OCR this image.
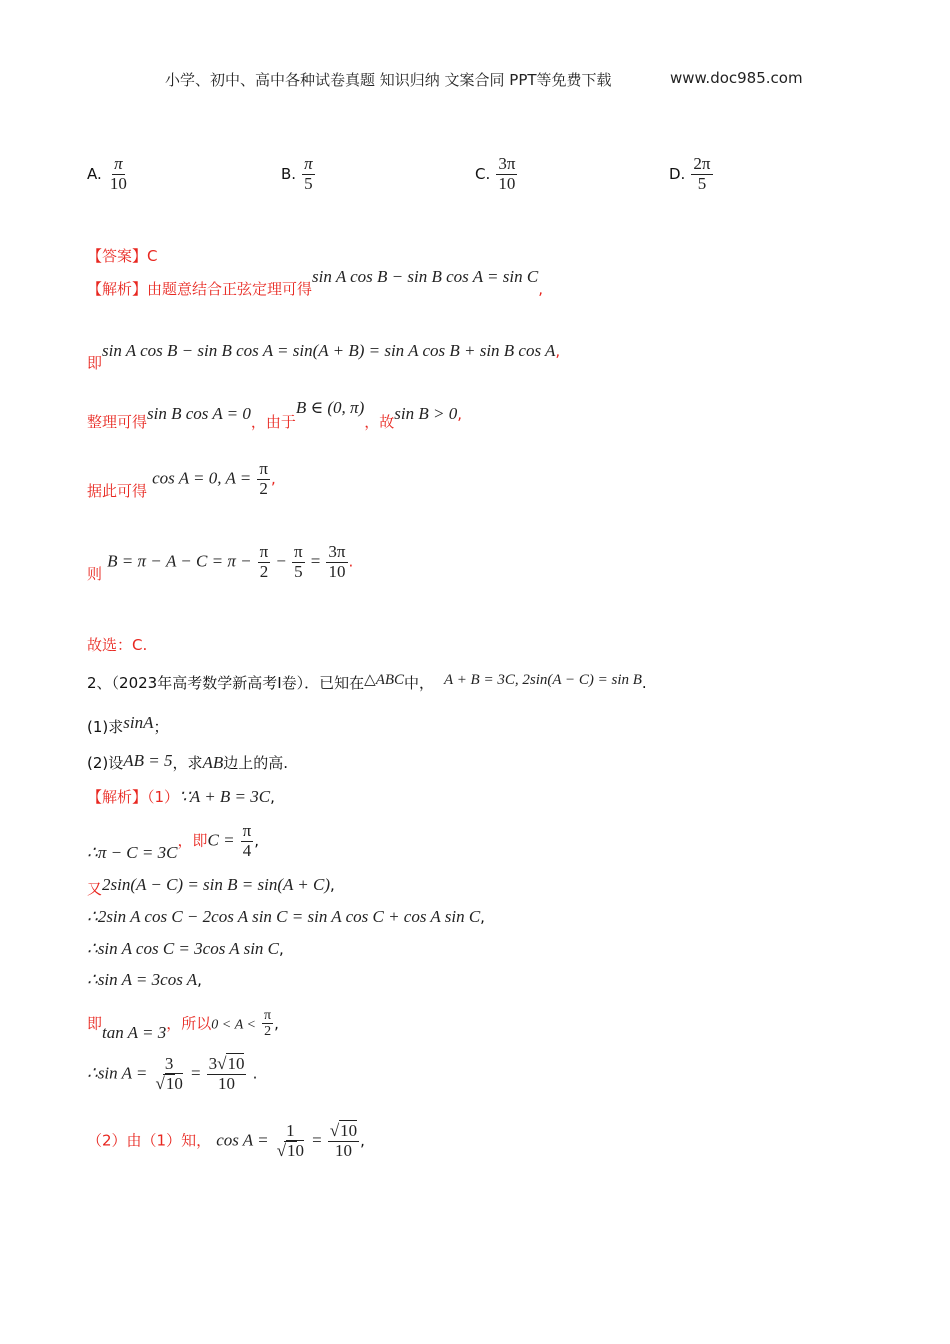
小学、初中、高中各种试卷真题 知识归纳 文案合同 PPT等免费下载	www.doc985.com
A. $\frac{\pi}{10}$	B. $\frac{\pi}{5}$	C. $\frac{3\pi}{10}$	D. $\frac{2\pi}{5}$
【答案】C
【解析】由题意结合正弦定理可得sin A cos B − sin B cos A = sin C,
即sin A cos B − sin B cos A = sin(A + B) = sin A cos B + sin B cos A,
整理可得sin B cos A = 0，由于B ∈ (0, π)，故sin B > 0,
据此可得 cos A = 0, $A = \frac{\pi}{2}$ ,
则 $B = \pi - A - C = \pi - \frac{\pi}{2} - \frac{\pi}{5} = \frac{3\pi}{10}$ .
故选：C.
2、（2023年高考数学新高考Ⅰ卷）．已知在△ABC中， A + B = 3C, 2sin(A − C) = sin B.
(1)求sinA；
(2)设AB = 5，求AB边上的高.
【解析】（1）∵A + B = 3C,
∴π − C = 3C，即$C = \frac{\pi}{4}$ ,
又2sin(A − C) = sin B = sin(A + C),
∴2sin A cos C − 2cos A sin C = sin A cos C + cos A sin C,
∴sin A cos C = 3cos A sin C,
∴sin A = 3cos A,
即tan A = 3，所以$0 < A < \frac{\pi}{2}$ ,
∴sin $A = \frac{3}{√10} = \frac{3√10}{10}$ .
（2）由（1）知， $\cos A = \frac{1}{√10} = \frac{√10}{10}$ ,
